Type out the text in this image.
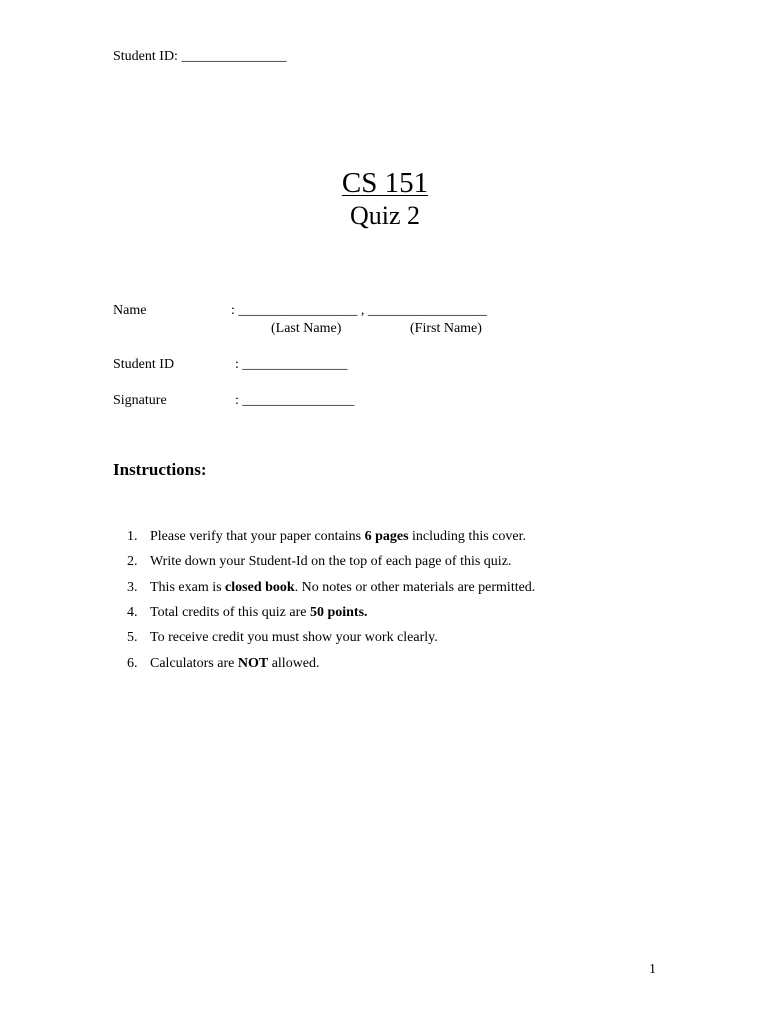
Student ID: _______________
CS 151
Quiz 2
Name	: _________________ , _________________
(Last Name)	(First Name)
Student ID	: _______________
Signature	: ________________
Instructions:

1. Please verify that your paper contains 6 pages including this cover.

2. Write down your Student-Id on the top of each page of this quiz.

3. This exam is closed book. No notes or other materials are permitted.

4. Total credits of this quiz are 50 points.

5. To receive credit you must show your work clearly.

6. Calculators are NOT allowed.

1
